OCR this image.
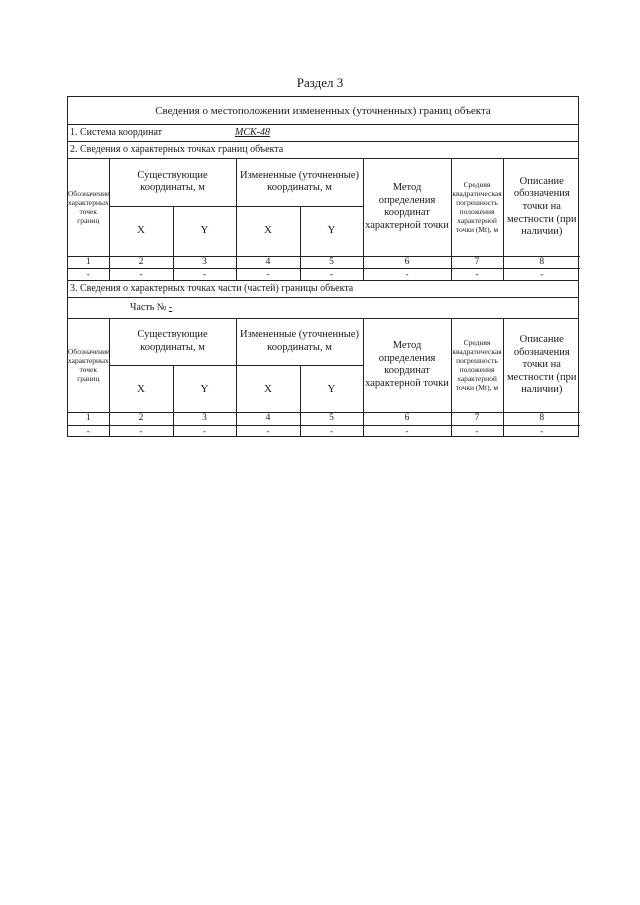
Раздел 3
Сведения о местоположении измененных (уточненных) границ объекта
1. Система координат	МСК-48
2. Сведения о характерных точках границ объекта
Обозначение характерных точек границ	Существующие координаты, м		Измененные (уточненные) координаты, м		Метод определения координат характерной точки	Средняя квадратическая погрешность положения характерной точки (Mt), м	Описание обозначения точки на местности (при наличии)
	X	Y	X	Y			
1	2	3	4	5	6	7	8
-	-	-	-	-	-	-	-
3. Сведения о характерных точках части (частей) границы объекта
Часть № -
Обозначение характерных точек границ	Существующие координаты, м		Измененные (уточненные) координаты, м		Метод определения координат характерной точки	Средняя квадратическая погрешность положения характерной точки (Mt), м	Описание обозначения точки на местности (при наличии)
	X	Y	X	Y			
1	2	3	4	5	6	7	8
-	-	-	-	-	-	-	-
